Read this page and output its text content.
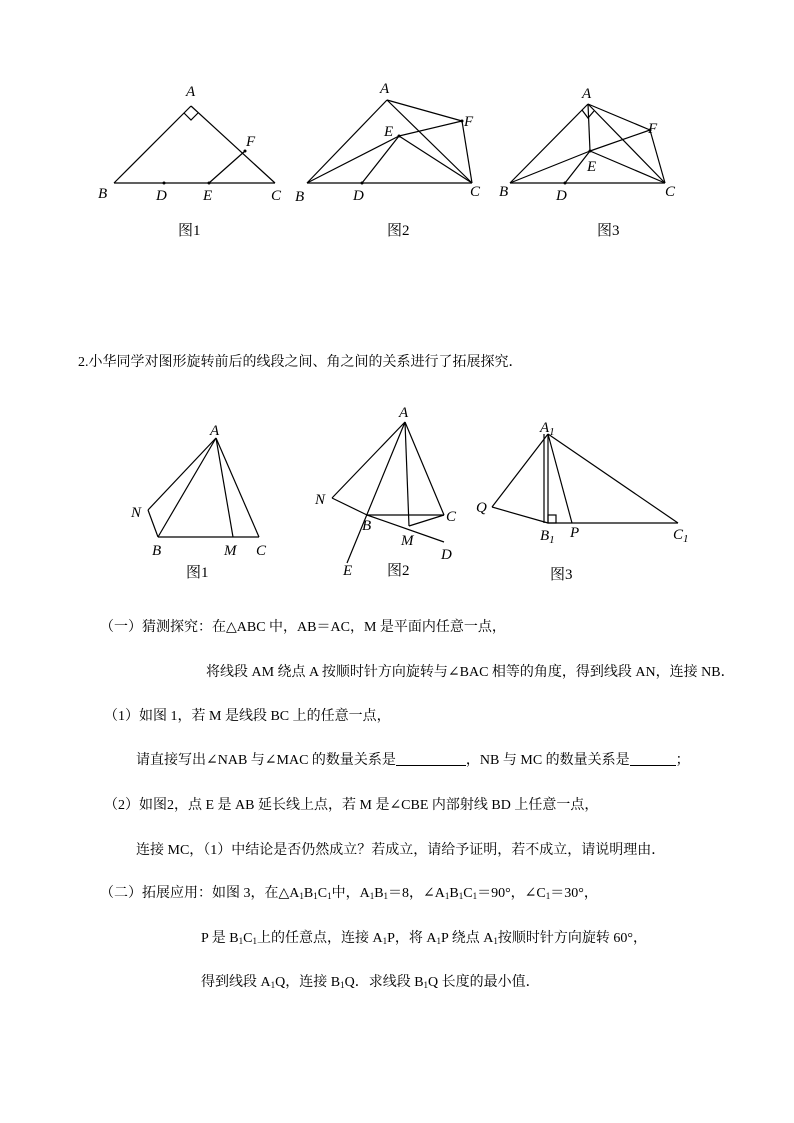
A
B	D E	C
F
图1
A
E
F
B	D	C
图2
A
F
E
B	D	C
图3
2.小华同学对图形旋转前后的线段之间、角之间的关系进行了拓展探究．
A
N
B	M C
图1
A
N
B
C
M
D
E 图2
$A_1$
Q
$B_1$ P	$C_1$
图3
（一）猜测探究：在△ABC 中，AB＝AC，M 是平面内任意一点，
将线段 AM 绕点 A 按顺时针方向旋转与∠BAC 相等的角度，得到线段 AN，连接 NB．
（1）如图 1，若 M 是线段 BC 上的任意一点，
请直接写出∠NAB 与∠MAC 的数量关系是	，NB 与 MC 的数量关系是	；
（2）如图2，点 E 是 AB 延长线上点，若 M 是∠CBE 内部射线 BD 上任意一点，
连接 MC，（1）中结论是否仍然成立？若成立，请给予证明，若不成立，请说明理由．
（二）拓展应用：如图 3，在$\triangle A_1B_1C_1$中，$A_1B_1=8$，$\angle A_1B_1C_1=90^\circ$，$\angle C_1=30^\circ$，
P 是 $B_1C_1$上的任意点，连接 $A_1P$，将 $A_1P$ 绕点 $A_1$按顺时针方向旋转 60°，
得到线段 $A_1Q$，连接 $B_1Q$．求线段 $B_1Q$ 长度的最小值．
